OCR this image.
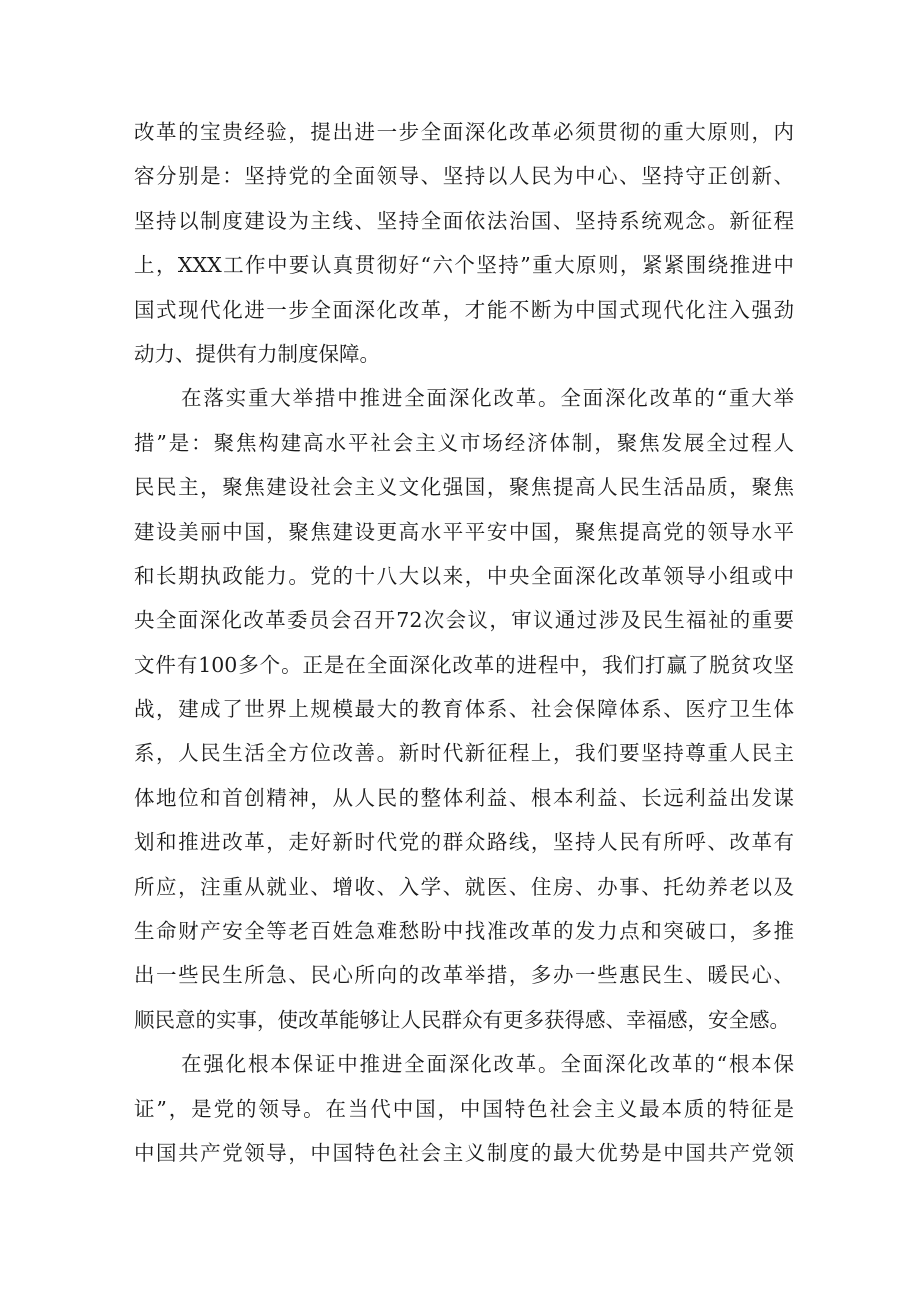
改革的宝贵经验，提出进一步全面深化改革必须贯彻的重大原则，内
容分别是：坚持党的全面领导、坚持以人民为中心、坚持守正创新、
坚持以制度建设为主线、坚持全面依法治国、坚持系统观念。新征程
上，XXX工作中要认真贯彻好“六个坚持”重大原则，紧紧围绕推进中
国式现代化进一步全面深化改革，才能不断为中国式现代化注入强劲
动力、提供有力制度保障。
在落实重大举措中推进全面深化改革。全面深化改革的“重大举
措”是：聚焦构建高水平社会主义市场经济体制，聚焦发展全过程人
民民主，聚焦建设社会主义文化强国，聚焦提高人民生活品质，聚焦
建设美丽中国，聚焦建设更高水平平安中国，聚焦提高党的领导水平
和长期执政能力。党的十八大以来，中央全面深化改革领导小组或中
央全面深化改革委员会召开72次会议，审议通过涉及民生福祉的重要
文件有100多个。正是在全面深化改革的进程中，我们打赢了脱贫攻坚
战，建成了世界上规模最大的教育体系、社会保障体系、医疗卫生体
系，人民生活全方位改善。新时代新征程上，我们要坚持尊重人民主
体地位和首创精神，从人民的整体利益、根本利益、长远利益出发谋
划和推进改革，走好新时代党的群众路线，坚持人民有所呼、改革有
所应，注重从就业、增收、入学、就医、住房、办事、托幼养老以及
生命财产安全等老百姓急难愁盼中找准改革的发力点和突破口，多推
出一些民生所急、民心所向的改革举措，多办一些惠民生、暖民心、
顺民意的实事，使改革能够让人民群众有更多获得感、幸福感，安全感。
在强化根本保证中推进全面深化改革。全面深化改革的“根本保
证”，是党的领导。在当代中国，中国特色社会主义最本质的特征是
中国共产党领导，中国特色社会主义制度的最大优势是中国共产党领
